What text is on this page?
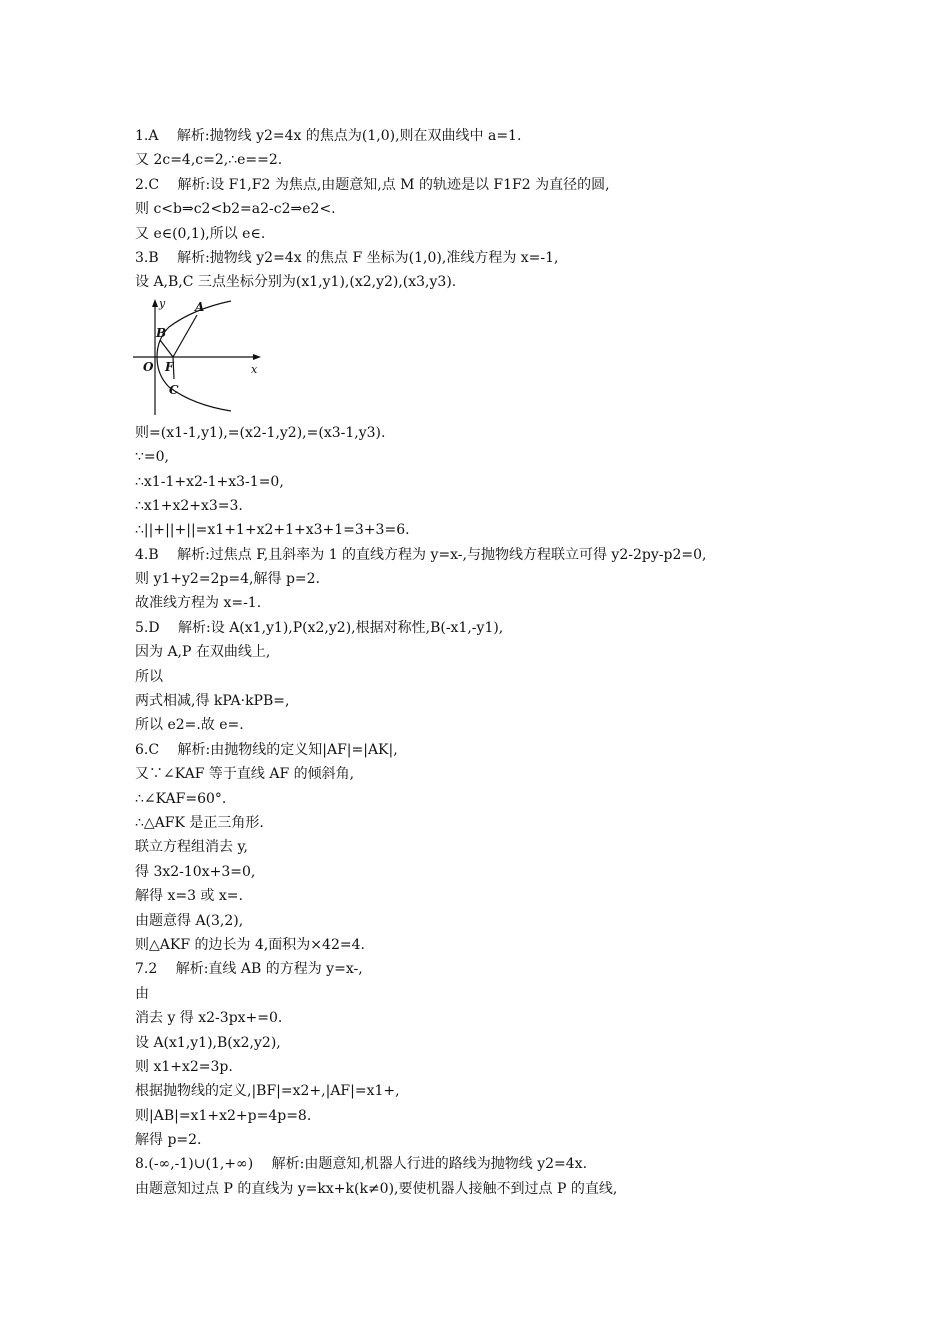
1.A　 解析:抛物线 y2=4x 的焦点为(1,0),则在双曲线中 a=1.
又 2c=4,c=2,∴e==2.
2.C　 解析:设 F1,F2 为焦点,由题意知,点 M 的轨迹是以 F1F2 为直径的圆,
则 c<b⇒c2<b2=a2-c2⇒e2<.
又 e∈(0,1),所以 e∈.
3.B　 解析:抛物线 y2=4x 的焦点 F 坐标为(1,0),准线方程为 x=-1,
设 A,B,C 三点坐标分别为(x1,y1),(x2,y2),(x3,y3).
y
x
O F
A
B
C
则=(x1-1,y1),=(x2-1,y2),=(x3-1,y3).
∵=0,
∴x1-1+x2-1+x3-1=0,
∴x1+x2+x3=3.
∴||+||+||=x1+1+x2+1+x3+1=3+3=6.
4.B　 解析:过焦点 F,且斜率为 1 的直线方程为 y=x-,与抛物线方程联立可得 y2-2py-p2=0,
则 y1+y2=2p=4,解得 p=2.
故准线方程为 x=-1.
5.D　 解析:设 A(x1,y1),P(x2,y2),根据对称性,B(-x1,-y1),
因为 A,P 在双曲线上,
所以
两式相减,得 kPA·kPB=,
所以 e2=.故 e=.
6.C　 解析:由抛物线的定义知|AF|=|AK|,
又∵∠KAF 等于直线 AF 的倾斜角,
∴∠KAF=60°.
∴△AFK 是正三角形.
联立方程组消去 y,
得 3x2-10x+3=0,
解得 x=3 或 x=.
由题意得 A(3,2),
则△AKF 的边长为 4,面积为×42=4.
7.2　 解析:直线 AB 的方程为 y=x-,
由
消去 y 得 x2-3px+=0.
设 A(x1,y1),B(x2,y2),
则 x1+x2=3p.
根据抛物线的定义,|BF|=x2+,|AF|=x1+,
则|AB|=x1+x2+p=4p=8.
解得 p=2.
8.(-∞,-1)∪(1,+∞)　 解析:由题意知,机器人行进的路线为抛物线 y2=4x.
由题意知过点 P 的直线为 y=kx+k(k≠0),要使机器人接触不到过点 P 的直线,
